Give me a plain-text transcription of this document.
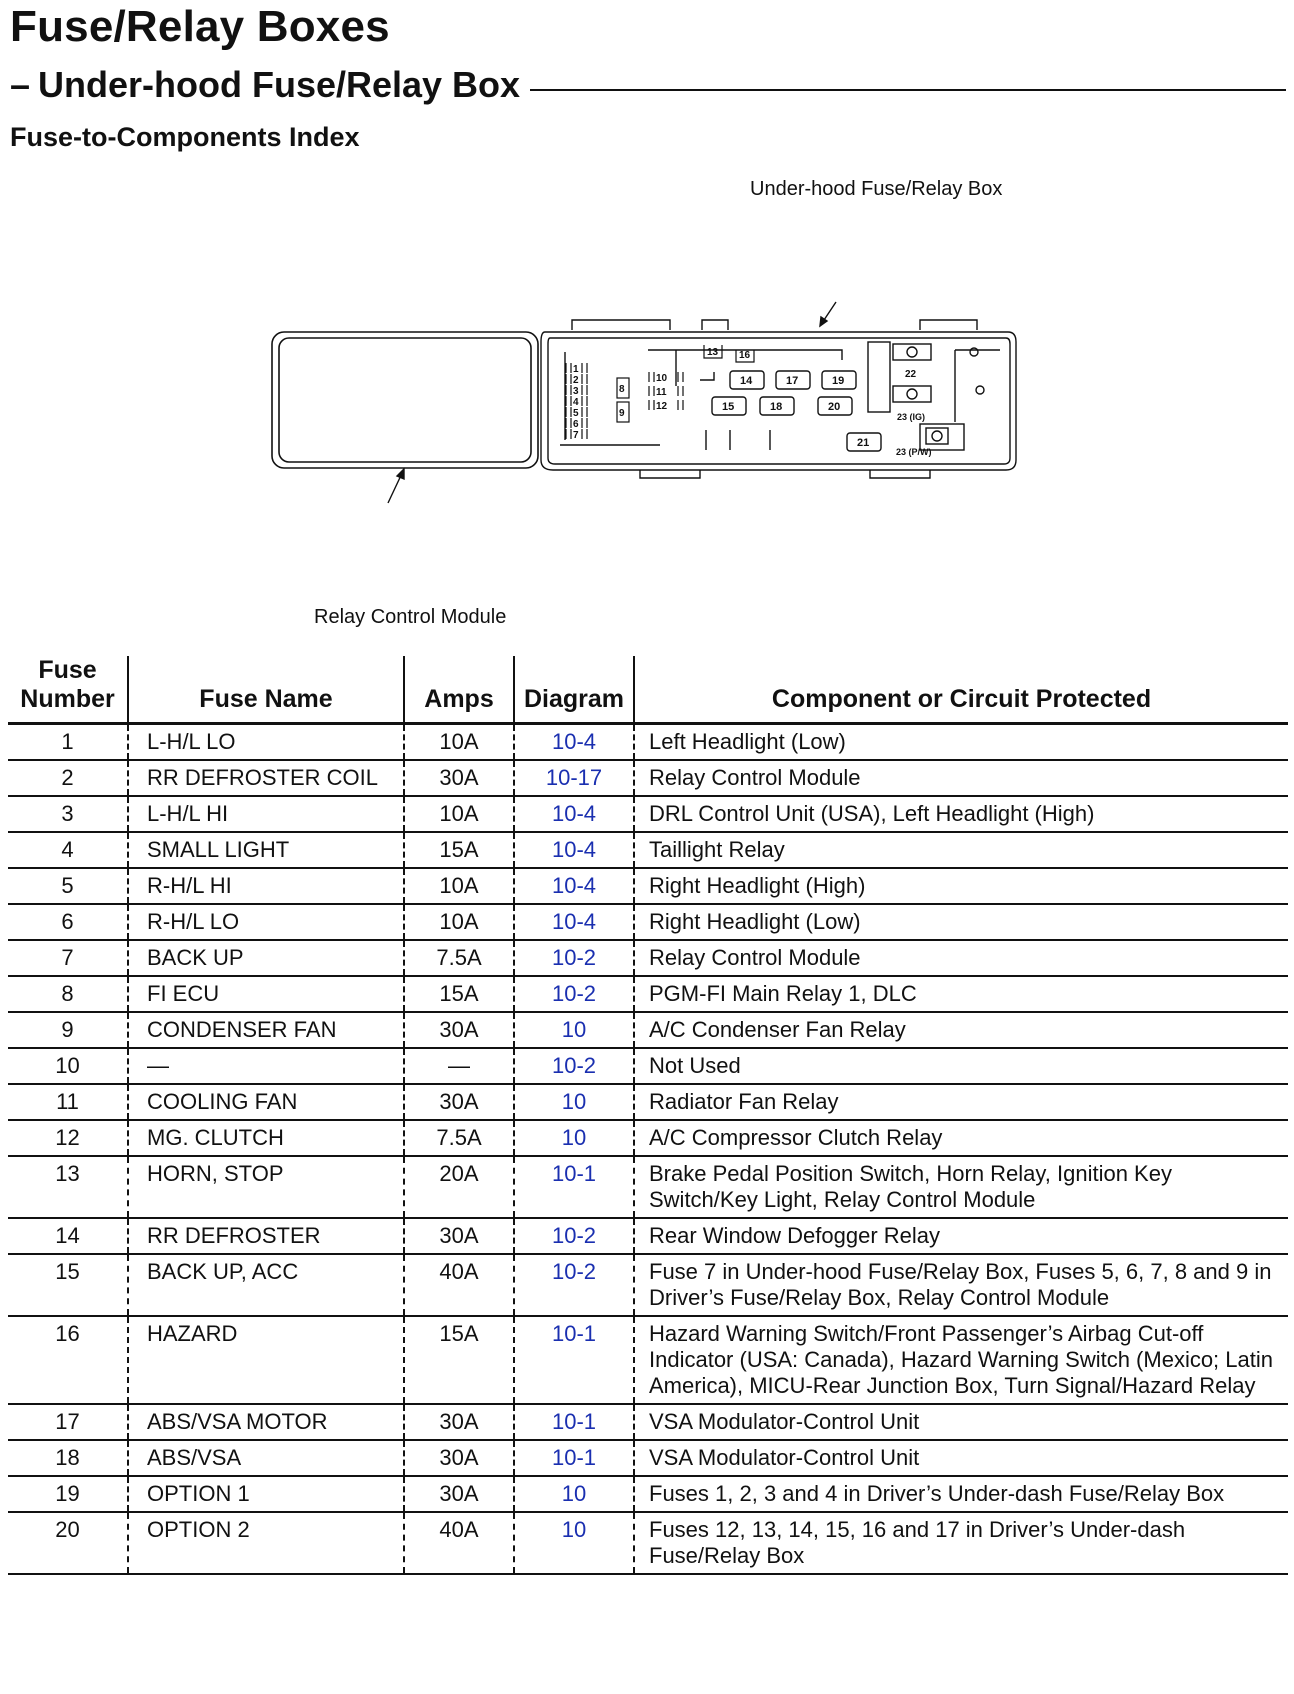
Fuse/Relay Boxes
– Under-hood Fuse/Relay Box
Fuse-to-Components Index
Under-hood Fuse/Relay Box
Relay Control Module
1
2
3
4
5
6
7
8
9
10
11
12
13 16
14	17	19
15	18	20
21
22
23 (IG)
23 (P/W)
Fuse
Number	Fuse Name	Amps	Diagram	Component or Circuit Protected
1	L-H/L LO	10A	10-4	Left Headlight (Low)
2	RR DEFROSTER COIL	30A	10-17	Relay Control Module
3	L-H/L HI	10A	10-4	DRL Control Unit (USA), Left Headlight (High)
4	SMALL LIGHT	15A	10-4	Taillight Relay
5	R-H/L HI	10A	10-4	Right Headlight (High)
6	R-H/L LO	10A	10-4	Right Headlight (Low)
7	BACK UP	7.5A	10-2	Relay Control Module
8	FI ECU	15A	10-2	PGM-FI Main Relay 1, DLC
9	CONDENSER FAN	30A	10	A/C Condenser Fan Relay
10	—	—	10-2	Not Used
11	COOLING FAN	30A	10	Radiator Fan Relay
12	MG. CLUTCH	7.5A	10	A/C Compressor Clutch Relay
13	HORN, STOP	20A	10-1	Brake Pedal Position Switch, Horn Relay, Ignition Key Switch/Key Light, Relay Control Module
14	RR DEFROSTER	30A	10-2	Rear Window Defogger Relay
15	BACK UP, ACC	40A	10-2	Fuse 7 in Under-hood Fuse/Relay Box, Fuses 5, 6, 7, 8 and 9 in Driver’s Fuse/Relay Box, Relay Control Module
16	HAZARD	15A	10-1	Hazard Warning Switch/Front Passenger’s Airbag Cut-off Indicator (USA: Canada), Hazard Warning Switch (Mexico; Latin America), MICU-Rear Junction Box, Turn Signal/Hazard Relay
17	ABS/VSA MOTOR	30A	10-1	VSA Modulator-Control Unit
18	ABS/VSA	30A	10-1	VSA Modulator-Control Unit
19	OPTION 1	30A	10	Fuses 1, 2, 3 and 4 in Driver’s Under-dash Fuse/Relay Box
20	OPTION 2	40A	10	Fuses 12, 13, 14, 15, 16 and 17 in Driver’s Under-dash Fuse/Relay Box
